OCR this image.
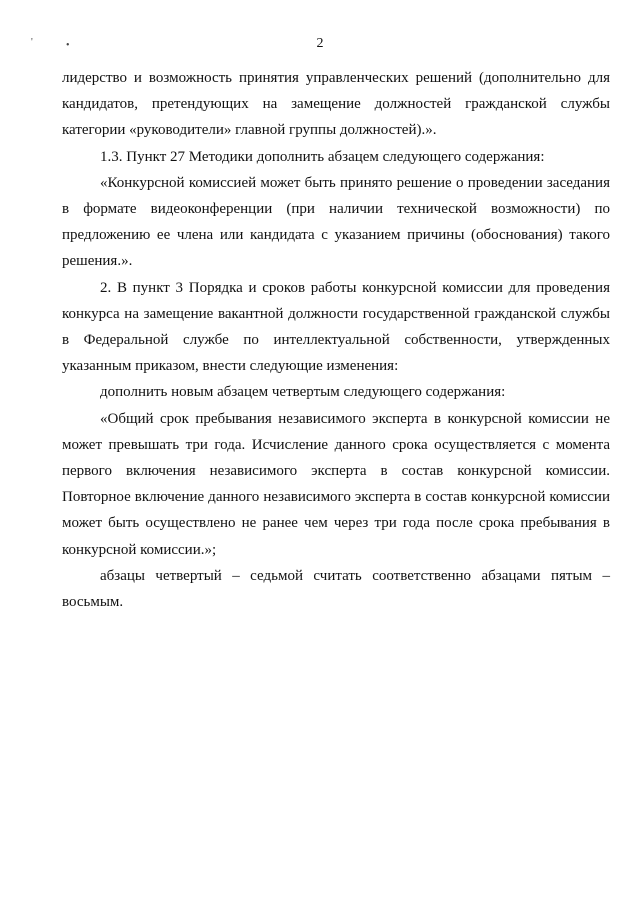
'	•	2

лидерство и возможность принятия управленческих решений (дополнительно для кандидатов, претендующих на замещение должностей гражданской службы категории «руководители» главной группы должностей).».

1.3. Пункт 27 Методики дополнить абзацем следующего содержания:

«Конкурсной комиссией может быть принято решение о проведении заседания в формате видеоконференции (при наличии технической возможности) по предложению ее члена или кандидата с указанием причины (обоснования) такого решения.».

2. В пункт 3 Порядка и сроков работы конкурсной комиссии для проведения конкурса на замещение вакантной должности государственной гражданской службы в Федеральной службе по интеллектуальной собственности, утвержденных указанным приказом, внести следующие изменения:

дополнить новым абзацем четвертым следующего содержания:

«Общий срок пребывания независимого эксперта в конкурсной комиссии не может превышать три года. Исчисление данного срока осуществляется с момента первого включения независимого эксперта в состав конкурсной комиссии. Повторное включение данного независимого эксперта в состав конкурсной комиссии может быть осуществлено не ранее чем через три года после срока пребывания в конкурсной комиссии.»;

абзацы четвертый – седьмой считать соответственно абзацами пятым – восьмым.
